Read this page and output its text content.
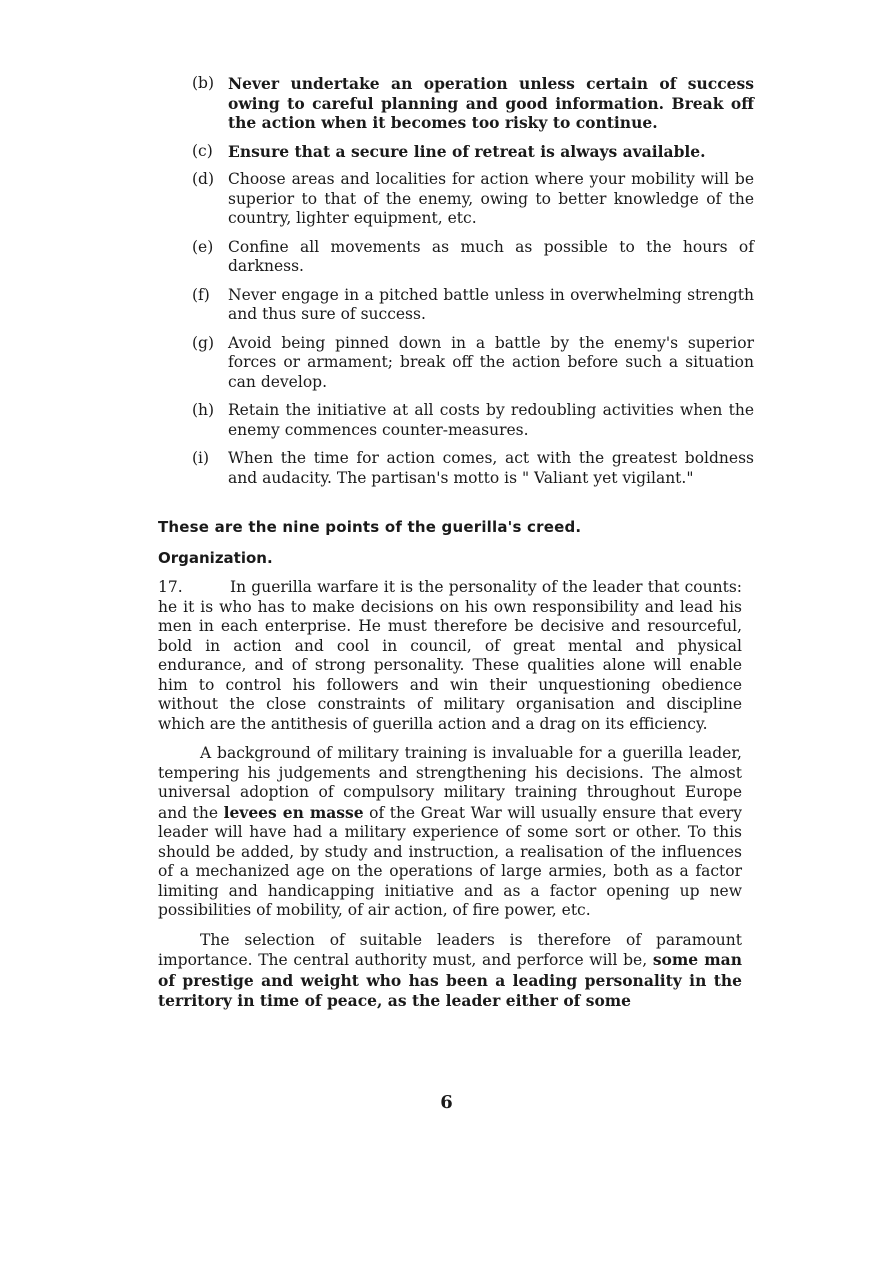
(b) Never undertake an operation unless certain of success owing to careful planning and good information. Break off the action when it becomes too risky to continue.
(c) Ensure that a secure line of retreat is always available.
(d) Choose areas and localities for action where your mobility will be superior to that of the enemy, owing to better knowledge of the country, lighter equipment, etc.
(e) Confine all movements as much as possible to the hours of darkness.
(f) Never engage in a pitched battle unless in overwhelming strength and thus sure of success.
(g) Avoid being pinned down in a battle by the enemy's superior forces or armament; break off the action before such a situation can develop.
(h) Retain the initiative at all costs by redoubling activities when the enemy commences counter-measures.
(i) When the time for action comes, act with the greatest boldness and audacity. The partisan's motto is " Valiant yet vigilant."
These are the nine points of the guerilla's creed.
Organization.

17.	In guerilla warfare it is the personality of the leader that counts: he it is who has to make decisions on his own responsibility and lead his men in each enterprise. He must therefore be decisive and resourceful, bold in action and cool in council, of great mental and physical endurance, and of strong personality. These qualities alone will enable him to control his followers and win their unquestioning obedience without the close constraints of military organisation and discipline which are the antithesis of guerilla action and a drag on its efficiency.

A background of military training is invaluable for a guerilla leader, tempering his judgements and strengthening his decisions. The almost universal adoption of compulsory military training throughout Europe and the levees en masse of the Great War will usually ensure that every leader will have had a military experience of some sort or other. To this should be added, by study and instruction, a realisation of the influences of a mechanized age on the operations of large armies, both as a factor limiting and handicapping initiative and as a factor opening up new possibilities of mobility, of air action, of fire power, etc.

The selection of suitable leaders is therefore of paramount importance. The central authority must, and perforce will be, some man of prestige and weight who has been a leading personality in the territory in time of peace, as the leader either of some

6
